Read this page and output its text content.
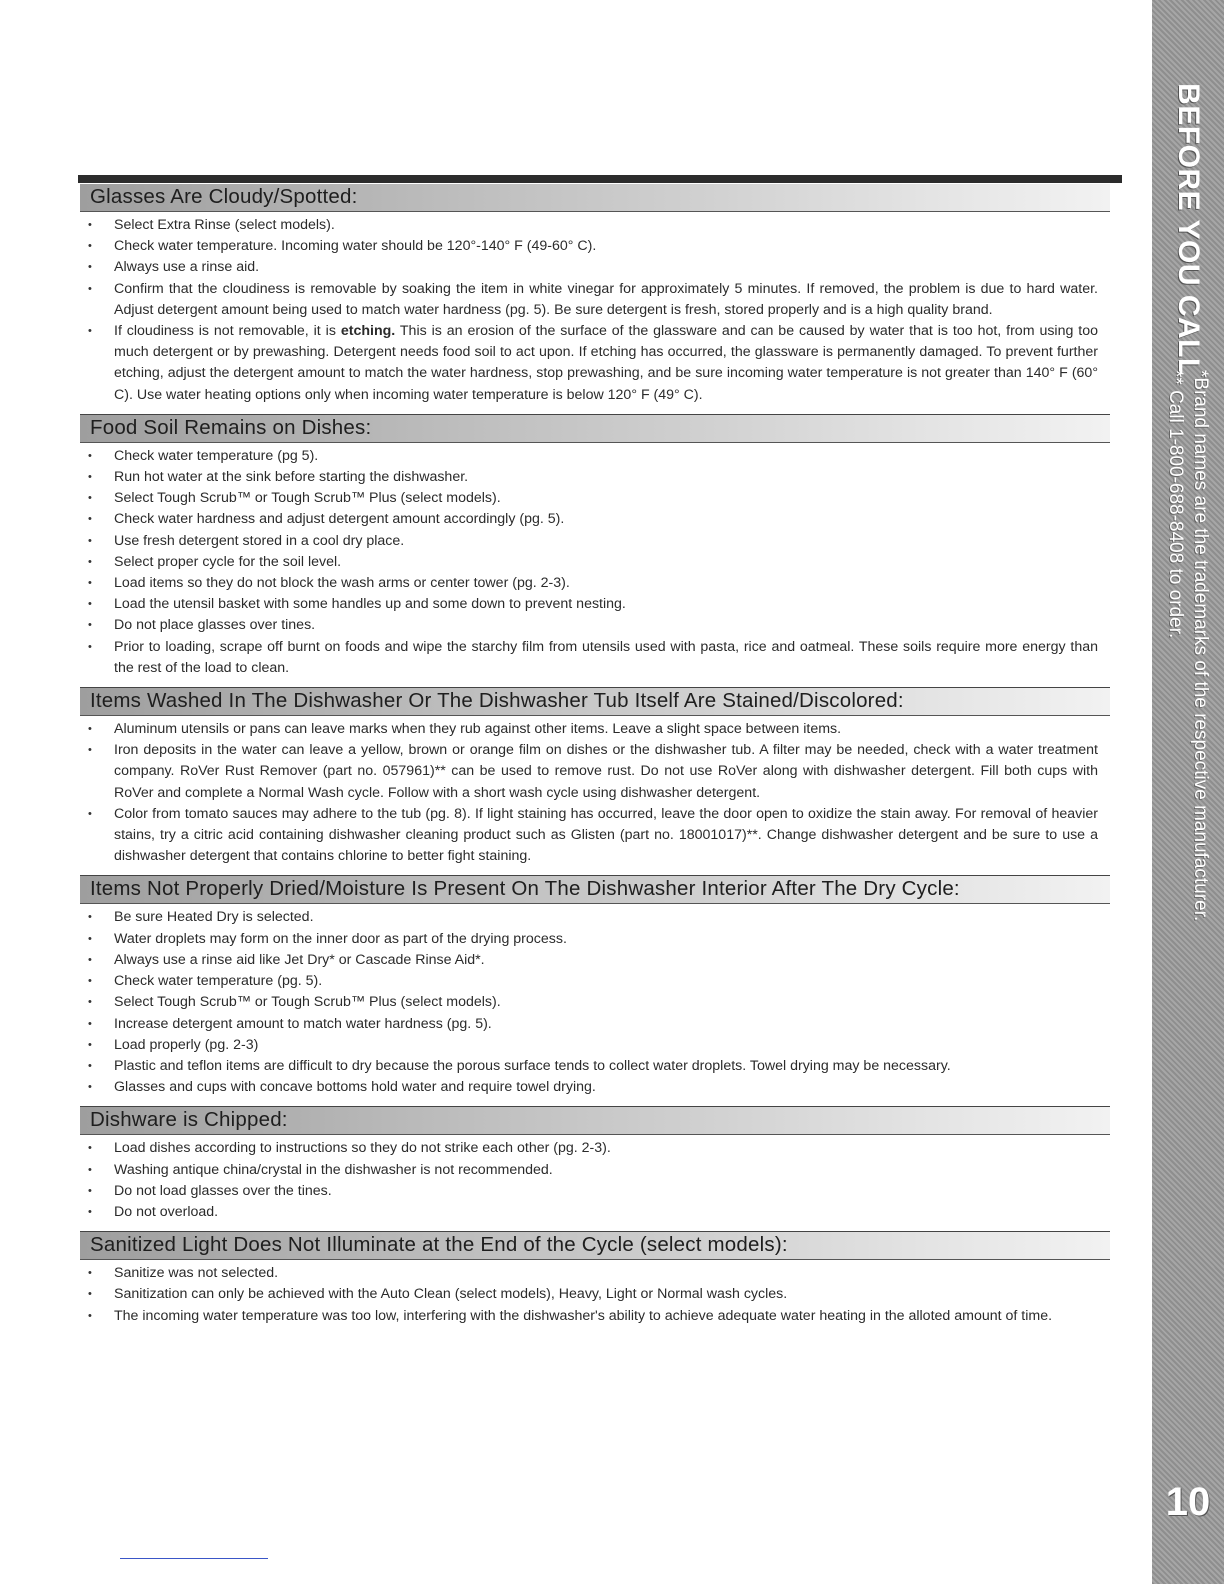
Glasses Are Cloudy/Spotted:
• Select Extra Rinse (select models).
• Check water temperature. Incoming water should be 120°-140° F (49-60° C).
• Always use a rinse aid.
• Confirm that the cloudiness is removable by soaking the item in white vinegar for approximately 5 minutes. If removed, the problem is due to hard water. Adjust detergent amount being used to match water hardness (pg. 5). Be sure detergent is fresh, stored properly and is a high quality brand.
• If cloudiness is not removable, it is etching. This is an erosion of the surface of the glassware and can be caused by water that is too hot, from using too much detergent or by prewashing. Detergent needs food soil to act upon. If etching has occurred, the glassware is permanently damaged. To prevent further etching, adjust the detergent amount to match the water hardness, stop prewashing, and be sure incoming water temperature is not greater than 140° F (60° C). Use water heating options only when incoming water temperature is below 120° F (49° C).
Food Soil Remains on Dishes:
• Check water temperature (pg 5).
• Run hot water at the sink before starting the dishwasher.
• Select Tough Scrub™ or Tough Scrub™ Plus (select models).
• Check water hardness and adjust detergent amount accordingly (pg. 5).
• Use fresh detergent stored in a cool dry place.
• Select proper cycle for the soil level.
• Load items so they do not block the wash arms or center tower (pg. 2-3).
• Load the utensil basket with some handles up and some down to prevent nesting.
• Do not place glasses over tines.
• Prior to loading, scrape off burnt on foods and wipe the starchy film from utensils used with pasta, rice and oatmeal. These soils require more energy than the rest of the load to clean.
Items Washed In The Dishwasher Or The Dishwasher Tub Itself Are Stained/Discolored:
• Aluminum utensils or pans can leave marks when they rub against other items. Leave a slight space between items.
• Iron deposits in the water can leave a yellow, brown or orange film on dishes or the dishwasher tub. A filter may be needed, check with a water treatment company. RoVer Rust Remover (part no. 057961)** can be used to remove rust. Do not use RoVer along with dishwasher detergent. Fill both cups with RoVer and complete a Normal Wash cycle. Follow with a short wash cycle using dishwasher detergent.
• Color from tomato sauces may adhere to the tub (pg. 8). If light staining has occurred, leave the door open to oxidize the stain away. For removal of heavier stains, try a citric acid containing dishwasher cleaning product such as Glisten (part no. 18001017)**. Change dishwasher detergent and be sure to use a dishwasher detergent that contains chlorine to better fight staining.
Items Not Properly Dried/Moisture Is Present On The Dishwasher Interior After The Dry Cycle:
• Be sure Heated Dry is selected.
• Water droplets may form on the inner door as part of the drying process.
• Always use a rinse aid like Jet Dry* or Cascade Rinse Aid*.
• Check water temperature (pg. 5).
• Select Tough Scrub™ or Tough Scrub™ Plus (select models).
• Increase detergent amount to match water hardness (pg. 5).
• Load properly (pg. 2-3)
• Plastic and teflon items are difficult to dry because the porous surface tends to collect water droplets. Towel drying may be necessary.
• Glasses and cups with concave bottoms hold water and require towel drying.
Dishware is Chipped:
• Load dishes according to instructions so they do not strike each other (pg. 2-3).
• Washing antique china/crystal in the dishwasher is not recommended.
• Do not load glasses over the tines.
• Do not overload.
Sanitized Light Does Not Illuminate at the End of the Cycle (select models):
• Sanitize was not selected.
• Sanitization can only be achieved with the Auto Clean (select models), Heavy, Light or Normal wash cycles.
• The incoming water temperature was too low, interfering with the dishwasher's ability to achieve adequate water heating in the alloted amount of time.
BEFORE YOU CALL
*Brand names are the trademarks of the respective manufacturer.
** Call 1-800-688-8408 to order.
10
